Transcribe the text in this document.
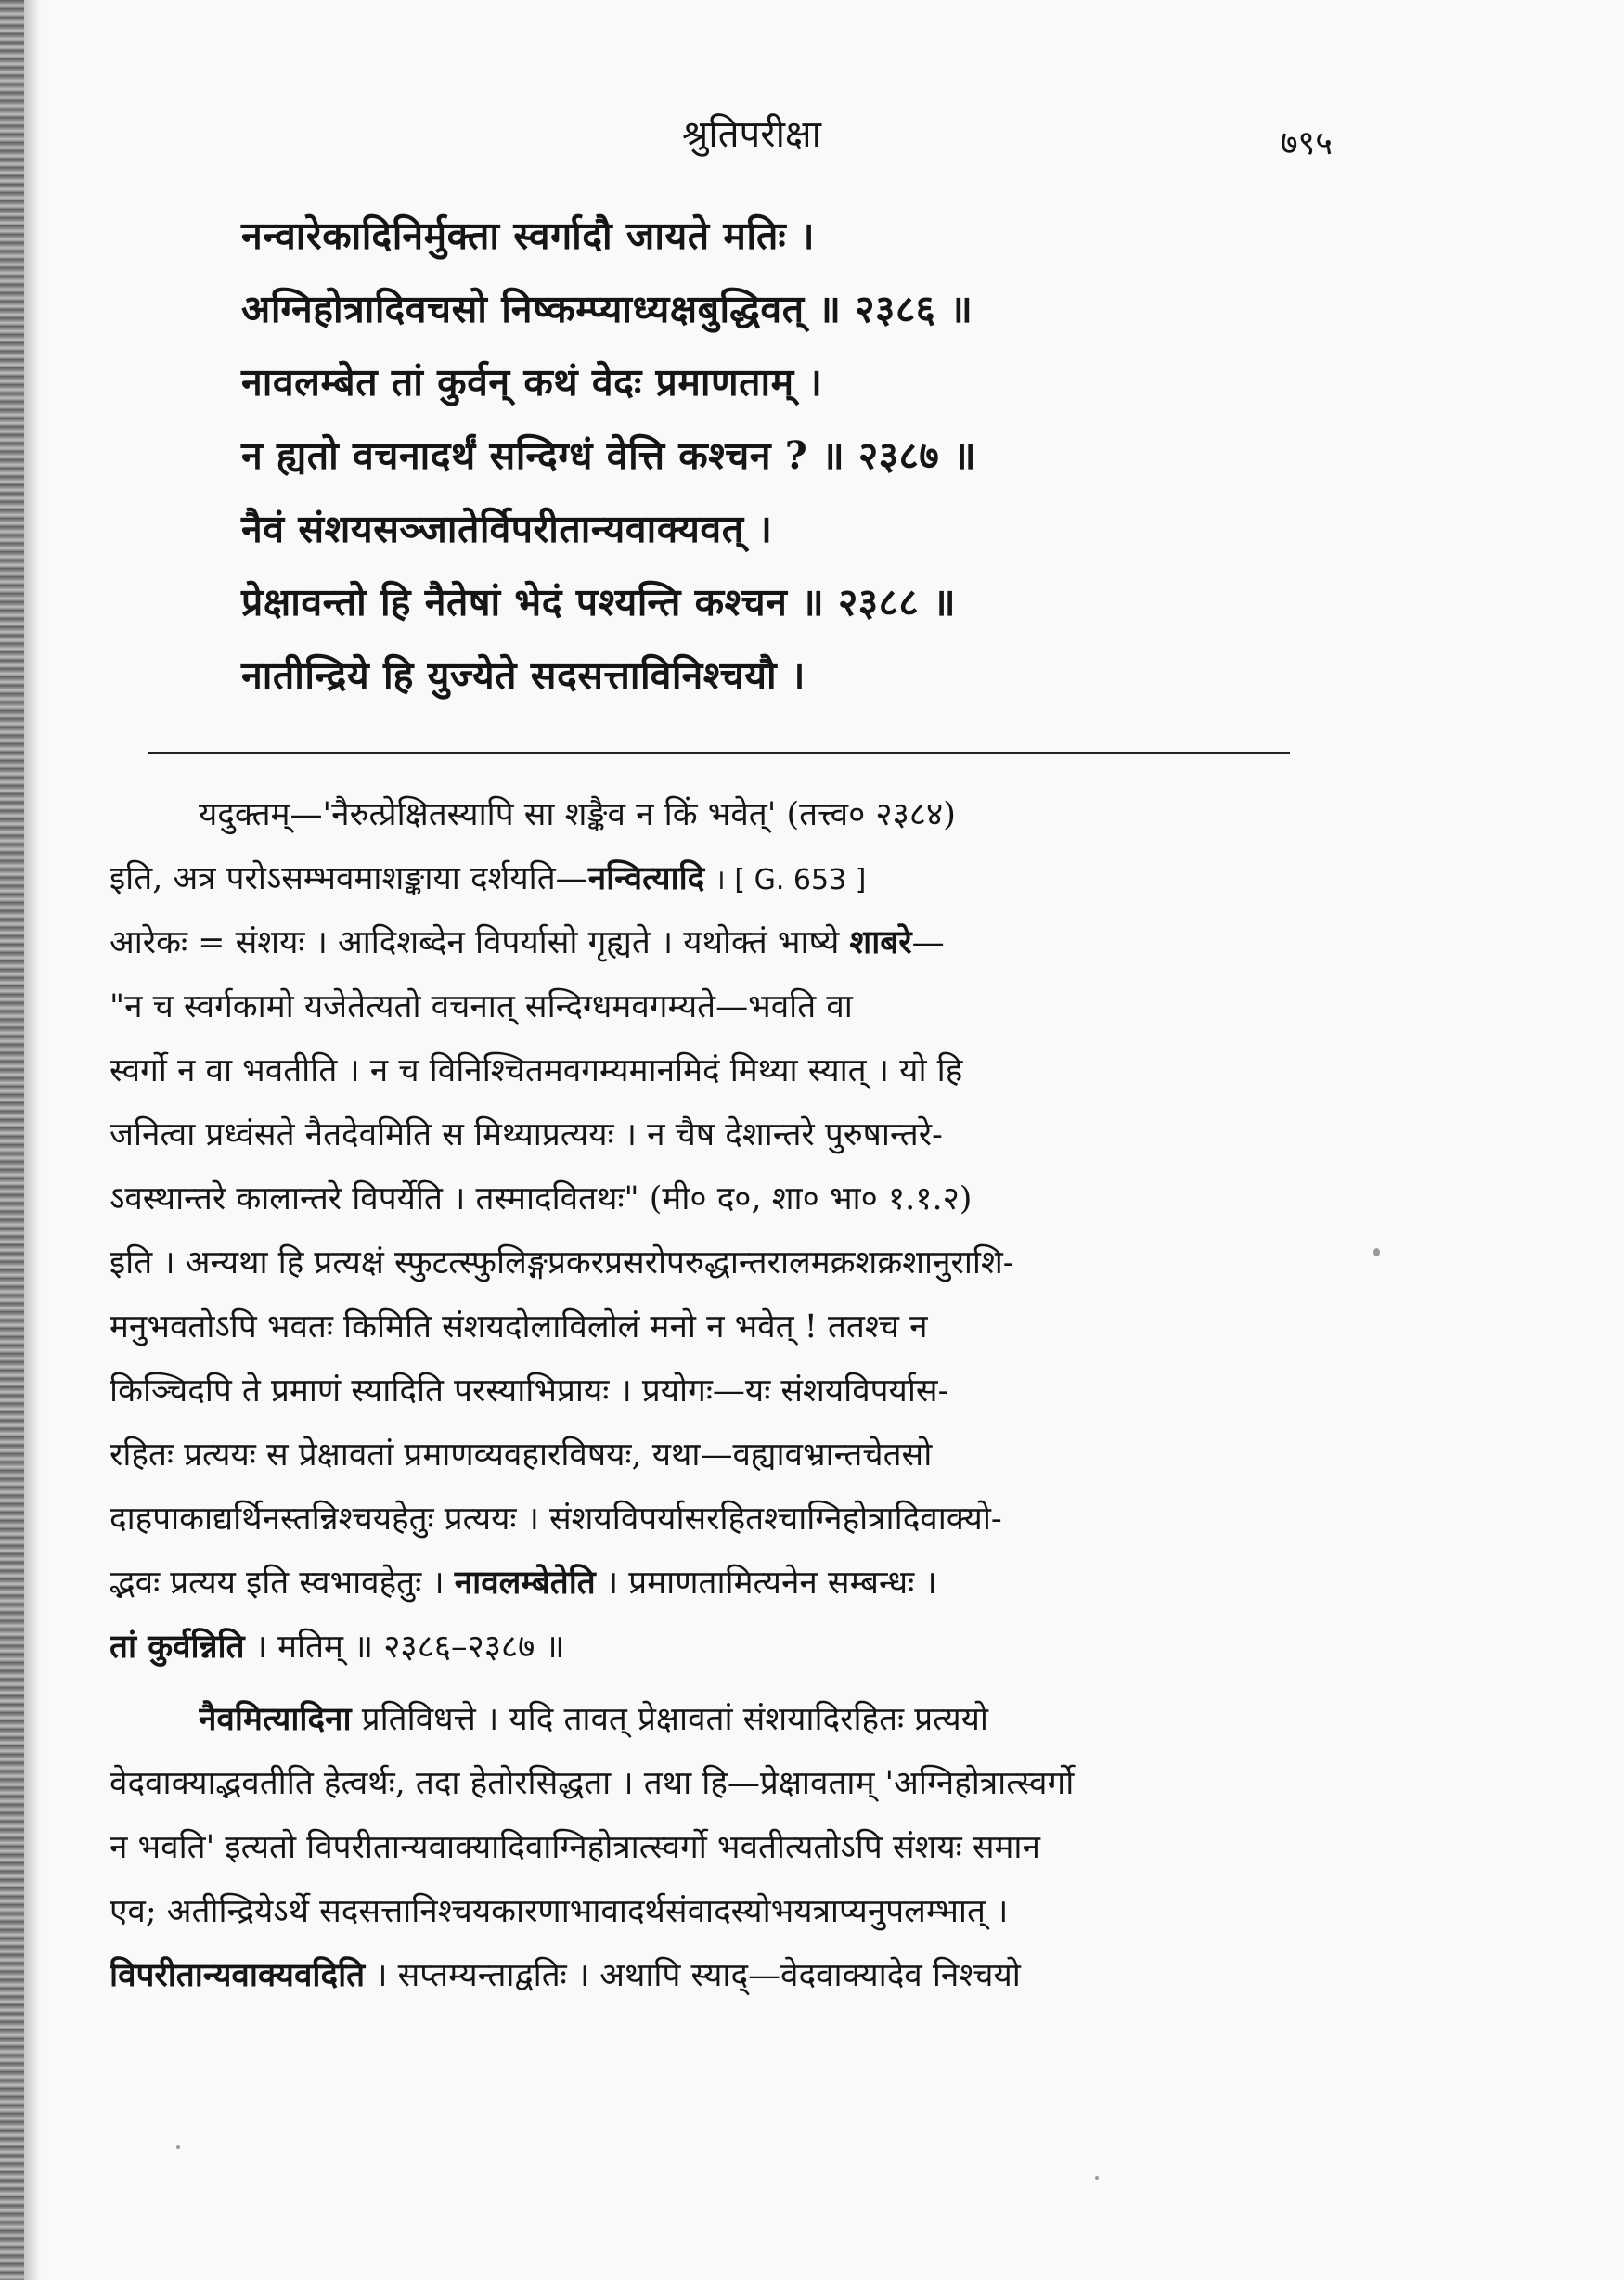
श्रुतिपरीक्षा	७९५
नन्वारेकादिनिर्मुक्ता स्वर्गादौ जायते मतिः ।
अग्निहोत्रादिवचसो निष्कम्प्याध्यक्षबुद्धिवत् ॥ २३८६ ॥
नावलम्बेत तां कुर्वन् कथं वेदः प्रमाणताम् ।
न ह्यतो वचनादर्थं सन्दिग्धं वेत्ति कश्चन ? ॥ २३८७ ॥
नैवं संशयसञ्जातेर्विपरीतान्यवाक्यवत् ।
प्रेक्षावन्तो हि नैतेषां भेदं पश्यन्ति कश्चन ॥ २३८८ ॥
नातीन्द्रिये हि युज्येते सदसत्ताविनिश्चयौ ।
यदुक्तम्—'नैरुत्प्रेक्षितस्यापि सा शङ्कैव न किं भवेत्' (तत्त्व० २३८४)
इति, अत्र परोऽसम्भवमाशङ्काया दर्शयति—नन्वित्यादि । [ G. 653 ]
आरेकः = संशयः । आदिशब्देन विपर्यासो गृह्यते । यथोक्तं भाष्ये शाबरे—
"न च स्वर्गकामो यजेतेत्यतो वचनात् सन्दिग्धमवगम्यते—भवति वा
स्वर्गो न वा भवतीति । न च विनिश्चितमवगम्यमानमिदं मिथ्या स्यात् । यो हि
जनित्वा प्रध्वंसते नैतदेवमिति स मिथ्याप्रत्ययः । न चैष देशान्तरे पुरुषान्तरे-
ऽवस्थान्तरे कालान्तरे विपर्येति । तस्मादवितथः" (मी० द०, शा० भा० १.१.२)
इति । अन्यथा हि प्रत्यक्षं स्फुटत्स्फुलिङ्गप्रकरप्रसरोपरुद्धान्तरालमक्रशक्रशानुराशि-
मनुभवतोऽपि भवतः किमिति संशयदोलाविलोलं मनो न भवेत् ! ततश्च न
किञ्चिदपि ते प्रमाणं स्यादिति परस्याभिप्रायः । प्रयोगः—यः संशयविपर्यास-
रहितः प्रत्ययः स प्रेक्षावतां प्रमाणव्यवहारविषयः, यथा—वह्यावभ्रान्तचेतसो
दाहपाकाद्यर्थिनस्तन्निश्चयहेतुः प्रत्ययः । संशयविपर्यासरहितश्चाग्निहोत्रादिवाक्यो-
द्भवः प्रत्यय इति स्वभावहेतुः । नावलम्बेतेति । प्रमाणतामित्यनेन सम्बन्धः ।
तां कुर्वन्निति । मतिम् ॥ २३८६–२३८७ ॥
नैवमित्यादिना प्रतिविधत्ते । यदि तावत् प्रेक्षावतां संशयादिरहितः प्रत्ययो
वेदवाक्याद्भवतीति हेत्वर्थः, तदा हेतोरसिद्धता । तथा हि—प्रेक्षावताम् 'अग्निहोत्रात्स्वर्गो
न भवति' इत्यतो विपरीतान्यवाक्यादिवाग्निहोत्रात्स्वर्गो भवतीत्यतोऽपि संशयः समान
एव; अतीन्द्रियेऽर्थे सदसत्तानिश्चयकारणाभावादर्थसंवादस्योभयत्राप्यनुपलम्भात् ।
विपरीतान्यवाक्यवदिति । सप्तम्यन्ताद्वतिः । अथापि स्याद्—वेदवाक्यादेव निश्चयो
